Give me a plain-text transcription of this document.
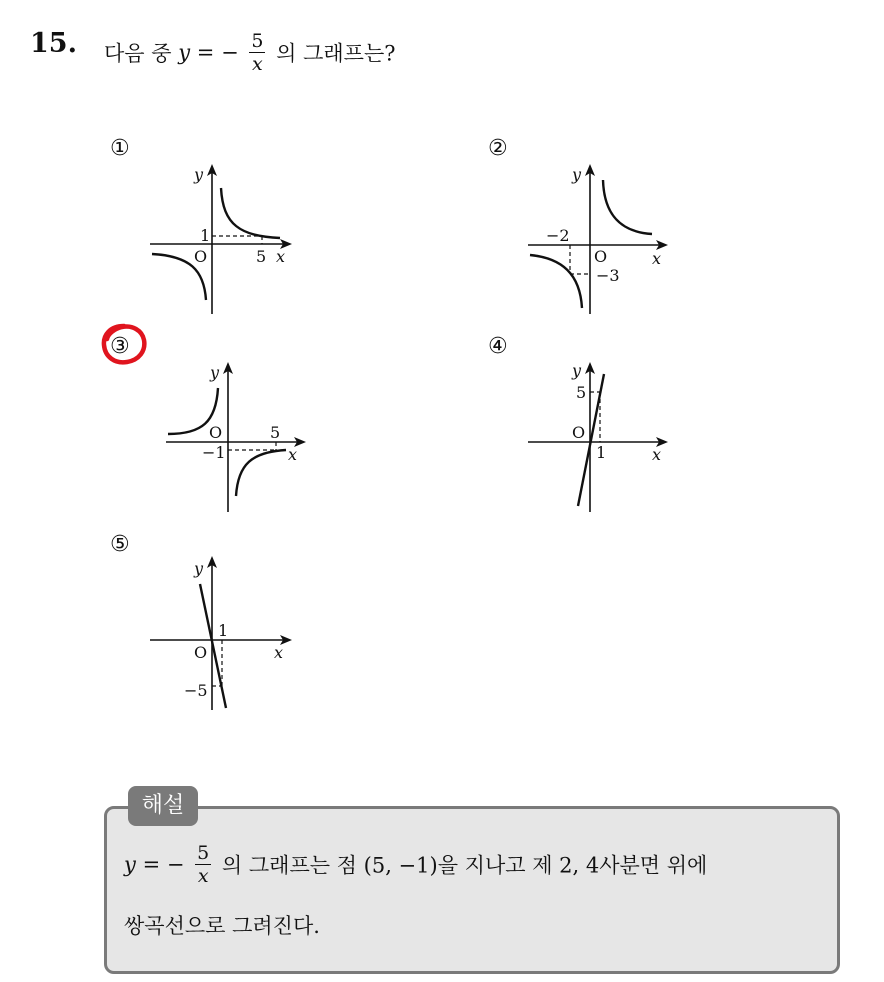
15. 다음 중 y = − $\frac{5}{x}$ 의 그래프는?
①	②
③	④
⑤
y
x
O
1
5
y
x
O
−2
−3
y
x
O
−1
5
y
x
O
5
1
y
x
O
1
−5
해설
y = − $\frac{5}{x}$ 의 그래프는 점 (5, −1)을 지나고 제 2, 4사분면 위에
쌍곡선으로 그려진다.
